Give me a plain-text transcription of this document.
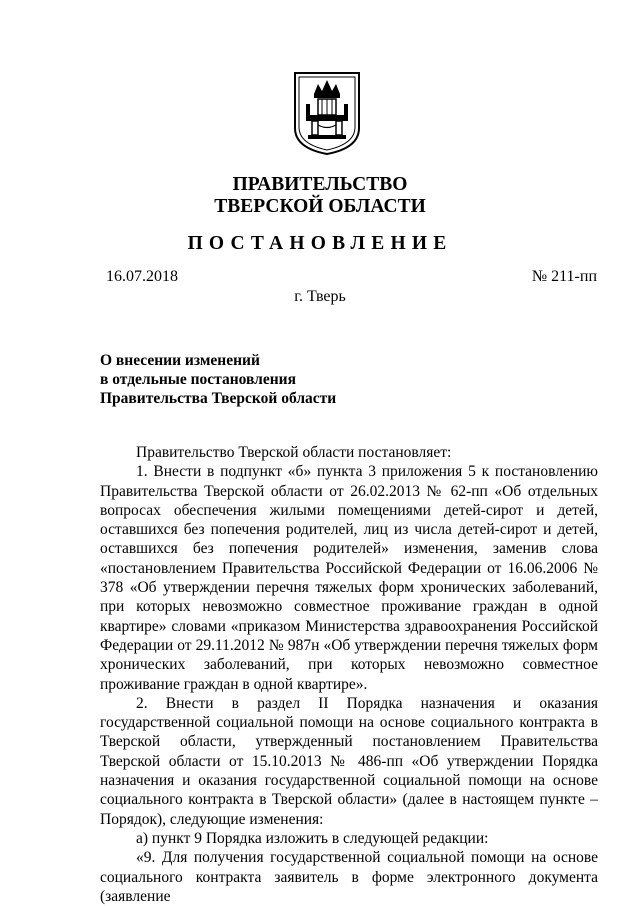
ПРАВИТЕЛЬСТВО
ТВЕРСКОЙ ОБЛАСТИ
ПОСТАНОВЛЕНИЕ
16.07.2018	№ 211-пп
г. Тверь
О внесении изменений
в отдельные постановления
Правительства Тверской области

Правительство Тверской области постановляет:

1. Внести в подпункт «б» пункта 3 приложения 5 к постановлению Правительства Тверской области от 26.02.2013 № 62-пп «Об отдельных вопросах обеспечения жилыми помещениями детей-сирот и детей, оставшихся без попечения родителей, лиц из числа детей-сирот и детей, оставшихся без попечения родителей» изменения, заменив слова «постановлением Правительства Российской Федерации от 16.06.2006 № 378 «Об утверждении перечня тяжелых форм хронических заболеваний, при которых невозможно совместное проживание граждан в одной квартире» словами «приказом Министерства здравоохранения Российской Федерации от 29.11.2012 № 987н «Об утверждении перечня тяжелых форм хронических заболеваний, при которых невозможно совместное проживание граждан в одной квартире».

2. Внести в раздел II Порядка назначения и оказания государственной социальной помощи на основе социального контракта в Тверской области, утвержденный постановлением Правительства Тверской области от 15.10.2013 № 486-пп «Об утверждении Порядка назначения и оказания государственной социальной помощи на основе социального контракта в Тверской области» (далее в настоящем пункте – Порядок), следующие изменения:

а) пункт 9 Порядка изложить в следующей редакции:

«9. Для получения государственной социальной помощи на основе социального контракта заявитель в форме электронного документа (заявление
